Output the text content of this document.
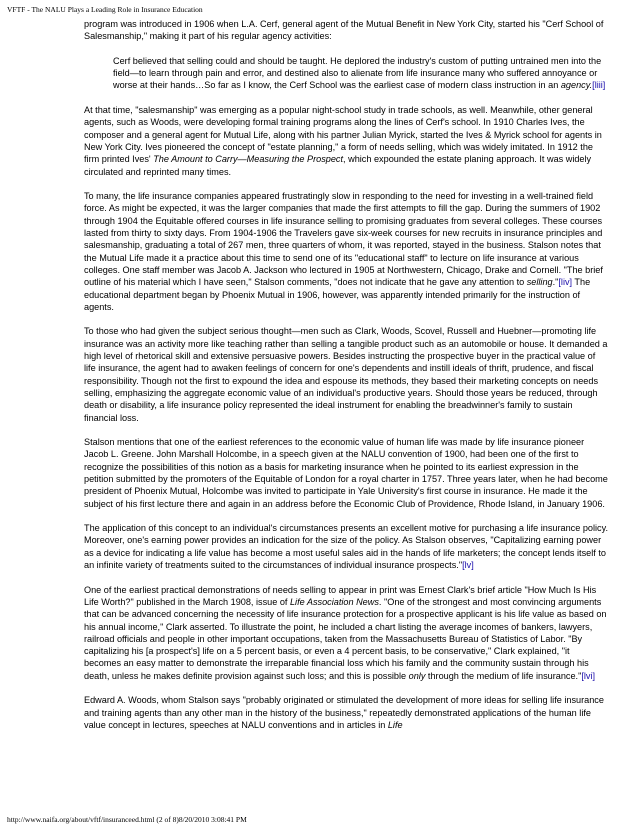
VFTF - The NALU Plays a Leading Role in Insurance Education

program was introduced in 1906 when L.A. Cerf, general agent of the Mutual Benefit in New York City, started his "Cerf School of Salesmanship," making it part of his regular agency activities:

Cerf believed that selling could and should be taught. He deplored the industry's custom of putting untrained men into the field—to learn through pain and error, and destined also to alienate from life insurance many who suffered annoyance or worse at their hands…So far as I know, the Cerf School was the earliest case of modern class instruction in an agency.[liii]

At that time, "salesmanship" was emerging as a popular night-school study in trade schools, as well. Meanwhile, other general agents, such as Woods, were developing formal training programs along the lines of Cerf's school. In 1910 Charles Ives, the composer and a general agent for Mutual Life, along with his partner Julian Myrick, started the Ives & Myrick school for agents in New York City. Ives pioneered the concept of "estate planning," a form of needs selling, which was widely imitated. In 1912 the firm printed Ives' The Amount to Carry—Measuring the Prospect, which expounded the estate planing approach. It was widely circulated and reprinted many times.

To many, the life insurance companies appeared frustratingly slow in responding to the need for investing in a well-trained field force. As might be expected, it was the larger companies that made the first attempts to fill the gap. During the summers of 1902 through 1904 the Equitable offered courses in life insurance selling to promising graduates from several colleges. These courses lasted from thirty to sixty days. From 1904-1906 the Travelers gave six-week courses for new recruits in insurance principles and salesmanship, graduating a total of 267 men, three quarters of whom, it was reported, stayed in the business. Stalson notes that the Mutual Life made it a practice about this time to send one of its "educational staff" to lecture on life insurance at various colleges. One staff member was Jacob A. Jackson who lectured in 1905 at Northwestern, Chicago, Drake and Cornell. "The brief outline of his material which I have seen," Stalson comments, "does not indicate that he gave any attention to selling."[liv] The educational department began by Phoenix Mutual in 1906, however, was apparently intended primarily for the instruction of agents.

To those who had given the subject serious thought—men such as Clark, Woods, Scovel, Russell and Huebner—promoting life insurance was an activity more like teaching rather than selling a tangible product such as an automobile or house. It demanded a high level of rhetorical skill and extensive persuasive powers. Besides instructing the prospective buyer in the practical value of life insurance, the agent had to awaken feelings of concern for one's dependents and instill ideals of thrift, prudence, and fiscal responsibility. Though not the first to expound the idea and espouse its methods, they based their marketing concepts on needs selling, emphasizing the aggregate economic value of an individual's productive years. Should those years be reduced, through death or disability, a life insurance policy represented the ideal instrument for enabling the breadwinner's family to sustain financial loss.

Stalson mentions that one of the earliest references to the economic value of human life was made by life insurance pioneer Jacob L. Greene. John Marshall Holcombe, in a speech given at the NALU convention of 1900, had been one of the first to recognize the possibilities of this notion as a basis for marketing insurance when he pointed to its earliest expression in the petition submitted by the promoters of the Equitable of London for a royal charter in 1757. Three years later, when he had become president of Phoenix Mutual, Holcombe was invited to participate in Yale University's first course in insurance. He made it the subject of his first lecture there and again in an address before the Economic Club of Providence, Rhode Island, in January 1906.

The application of this concept to an individual's circumstances presents an excellent motive for purchasing a life insurance policy. Moreover, one's earning power provides an indication for the size of the policy. As Stalson observes, "Capitalizing earning power as a device for indicating a life value has become a most useful sales aid in the hands of life marketers; the concept lends itself to an infinite variety of treatments suited to the circumstances of individual insurance prospects."[lv]

One of the earliest practical demonstrations of needs selling to appear in print was Ernest Clark's brief article "How Much Is His Life Worth?" published in the March 1908, issue of Life Association News. "One of the strongest and most convincing arguments that can be advanced concerning the necessity of life insurance protection for a prospective applicant is his life value as based on his annual income," Clark asserted. To illustrate the point, he included a chart listing the average incomes of bankers, lawyers, railroad officials and people in other important occupations, taken from the Massachusetts Bureau of Statistics of Labor. "By capitalizing his [a prospect's] life on a 5 percent basis, or even a 4 percent basis, to be conservative," Clark explained, "it becomes an easy matter to demonstrate the irreparable financial loss which his family and the community sustain through his death, unless he makes definite provision against such loss; and this is possible only through the medium of life insurance."[lvi]

Edward A. Woods, whom Stalson says "probably originated or stimulated the development of more ideas for selling life insurance and training agents than any other man in the history of the business," repeatedly demonstrated applications of the human life value concept in lectures, speeches at NALU conventions and in articles in Life

http://www.naifa.org/about/vftf/insuranceed.html (2 of 8)8/20/2010 3:08:41 PM
